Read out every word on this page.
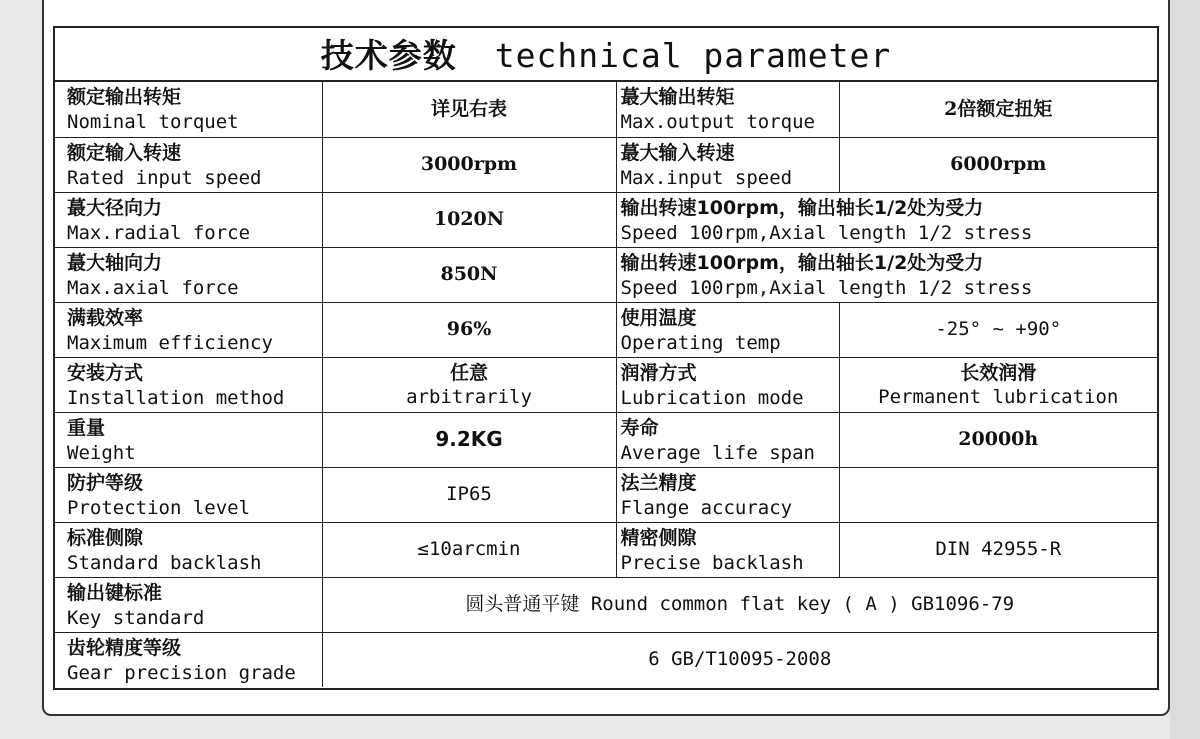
技术参数 technical parameter
额定输出转矩
Nominal torquet	详见右表	蕞大输出转矩
Max.output torque	2倍额定扭矩

额定输入转速
Rated input speed	3000rpm	蕞大输入转速
Max.input speed	6000rpm

蕞大径向力
Max.radial force	1020N	输出转速100rpm，输出轴长1/2处为受力
Speed 100rpm,Axial length 1/2 stress	

蕞大轴向力
Max.axial force	850N	输出转速100rpm，输出轴长1/2处为受力
Speed 100rpm,Axial length 1/2 stress	

满载效率
Maximum efficiency	96%	使用温度
Operating temp	-25° ~ +90°

安装方式
Installation method	任意
arbitrarily	润滑方式
Lubrication mode	长效润滑
Permanent lubrication

重量
Weight	9.2KG	寿命
Average life span	20000h

防护等级
Protection level	IP65	法兰精度
Flange accuracy	

标准侧隙
Standard backlash	≤10arcmin	精密侧隙
Precise backlash	DIN 42955-R

输出键标准
Key standard	圆头普通平键 Round common flat key ( A ) GB1096-79		

齿轮精度等级
Gear precision grade	6 GB/T10095-2008		
